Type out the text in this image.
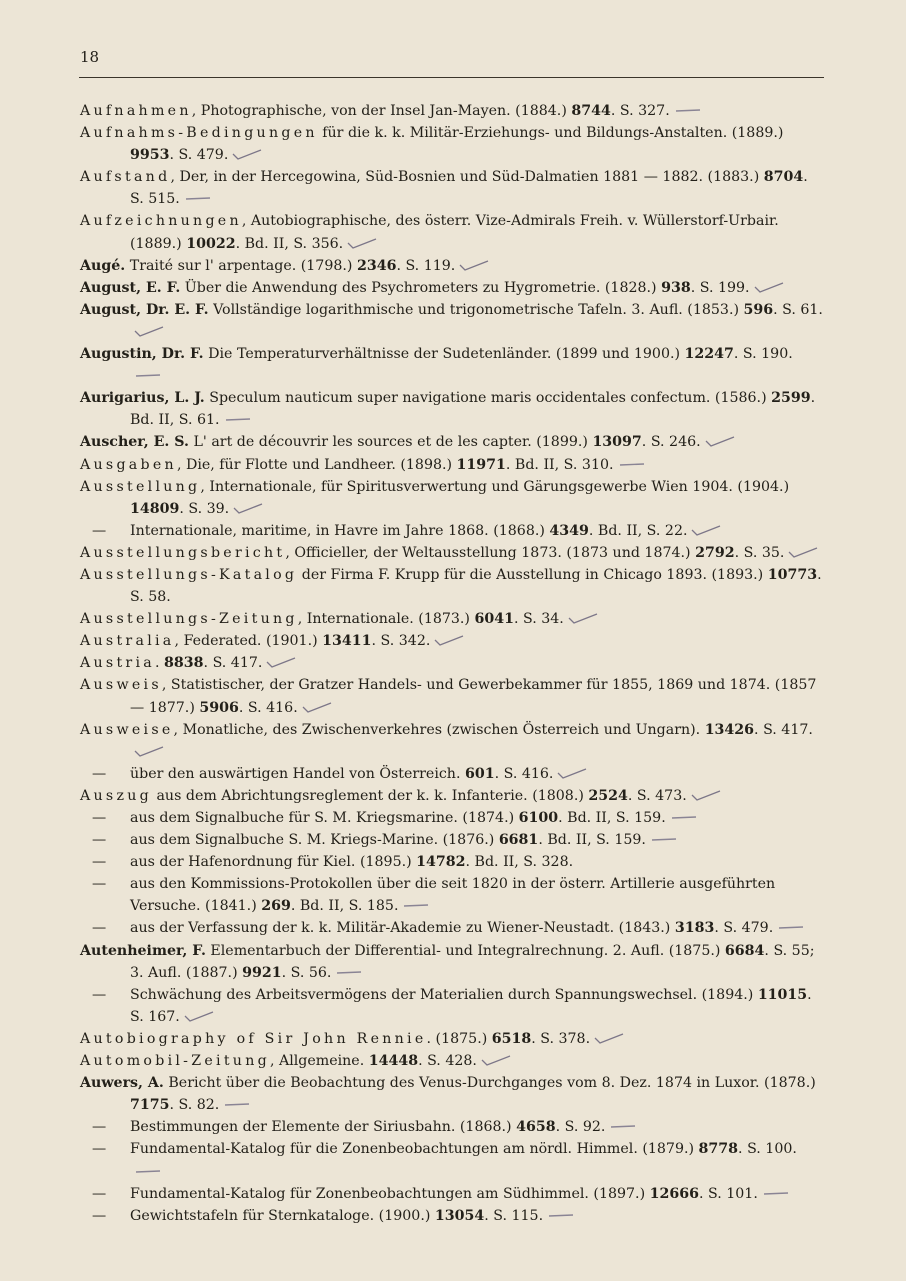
18
Aufnahmen, Photographische, von der Insel Jan-Mayen. (1884.) 8744. S. 327.
Aufnahms-Bedingungen für die k. k. Militär-Erziehungs- und Bildungs-Anstalten. (1889.) 9953. S. 479.
Aufstand, Der, in der Hercegowina, Süd-Bosnien und Süd-Dalmatien 1881 — 1882. (1883.) 8704. S. 515.
Aufzeichnungen, Autobiographische, des österr. Vize-Admirals Freih. v. Wüllerstorf-Urbair. (1889.) 10022. Bd. II, S. 356.
Augé. Traité sur l' arpentage. (1798.) 2346. S. 119.
August, E. F. Über die Anwendung des Psychrometers zu Hygrometrie. (1828.) 938. S. 199.
August, Dr. E. F. Vollständige logarithmische und trigonometrische Tafeln. 3. Aufl. (1853.) 596. S. 61.
Augustin, Dr. F. Die Temperaturverhältnisse der Sudetenländer. (1899 und 1900.) 12247. S. 190.
Aurigarius, L. J. Speculum nauticum super navigatione maris occidentales confectum. (1586.) 2599. Bd. II, S. 61.
Auscher, E. S. L' art de découvrir les sources et de les capter. (1899.) 13097. S. 246.
Ausgaben, Die, für Flotte und Landheer. (1898.) 11971. Bd. II, S. 310.
Ausstellung, Internationale, für Spiritusverwertung und Gärungsgewerbe Wien 1904. (1904.) 14809. S. 39.
— Internationale, maritime, in Havre im Jahre 1868. (1868.) 4349. Bd. II, S. 22.
Ausstellungsbericht, Officieller, der Weltausstellung 1873. (1873 und 1874.) 2792. S. 35.
Ausstellungs-Katalog der Firma F. Krupp für die Ausstellung in Chicago 1893. (1893.) 10773. S. 58.
Ausstellungs-Zeitung, Internationale. (1873.) 6041. S. 34.
Australia, Federated. (1901.) 13411. S. 342.
Austria. 8838. S. 417.
Ausweis, Statistischer, der Gratzer Handels- und Gewerbekammer für 1855, 1869 und 1874. (1857 — 1877.) 5906. S. 416.
Ausweise, Monatliche, des Zwischenverkehres (zwischen Österreich und Ungarn). 13426. S. 417.
— über den auswärtigen Handel von Österreich. 601. S. 416.
Auszug aus dem Abrichtungsreglement der k. k. Infanterie. (1808.) 2524. S. 473.
— aus dem Signalbuche für S. M. Kriegsmarine. (1874.) 6100. Bd. II, S. 159.
— aus dem Signalbuche S. M. Kriegs-Marine. (1876.) 6681. Bd. II, S. 159.
— aus der Hafenordnung für Kiel. (1895.) 14782. Bd. II, S. 328.
— aus den Kommissions-Protokollen über die seit 1820 in der österr. Artillerie ausgeführten Versuche. (1841.) 269. Bd. II, S. 185.
— aus der Verfassung der k. k. Militär-Akademie zu Wiener-Neustadt. (1843.) 3183. S. 479.
Autenheimer, F. Elementarbuch der Differential- und Integralrechnung. 2. Aufl. (1875.) 6684. S. 55; 3. Aufl. (1887.) 9921. S. 56.
— Schwächung des Arbeitsvermögens der Materialien durch Spannungswechsel. (1894.) 11015. S. 167.
Autobiography of Sir John Rennie. (1875.) 6518. S. 378.
Automobil-Zeitung, Allgemeine. 14448. S. 428.
Auwers, A. Bericht über die Beobachtung des Venus-Durchganges vom 8. Dez. 1874 in Luxor. (1878.) 7175. S. 82.
— Bestimmungen der Elemente der Siriusbahn. (1868.) 4658. S. 92.
— Fundamental-Katalog für die Zonenbeobachtungen am nördl. Himmel. (1879.) 8778. S. 100.
— Fundamental-Katalog für Zonenbeobachtungen am Südhimmel. (1897.) 12666. S. 101.
— Gewichtstafeln für Sternkataloge. (1900.) 13054. S. 115.
